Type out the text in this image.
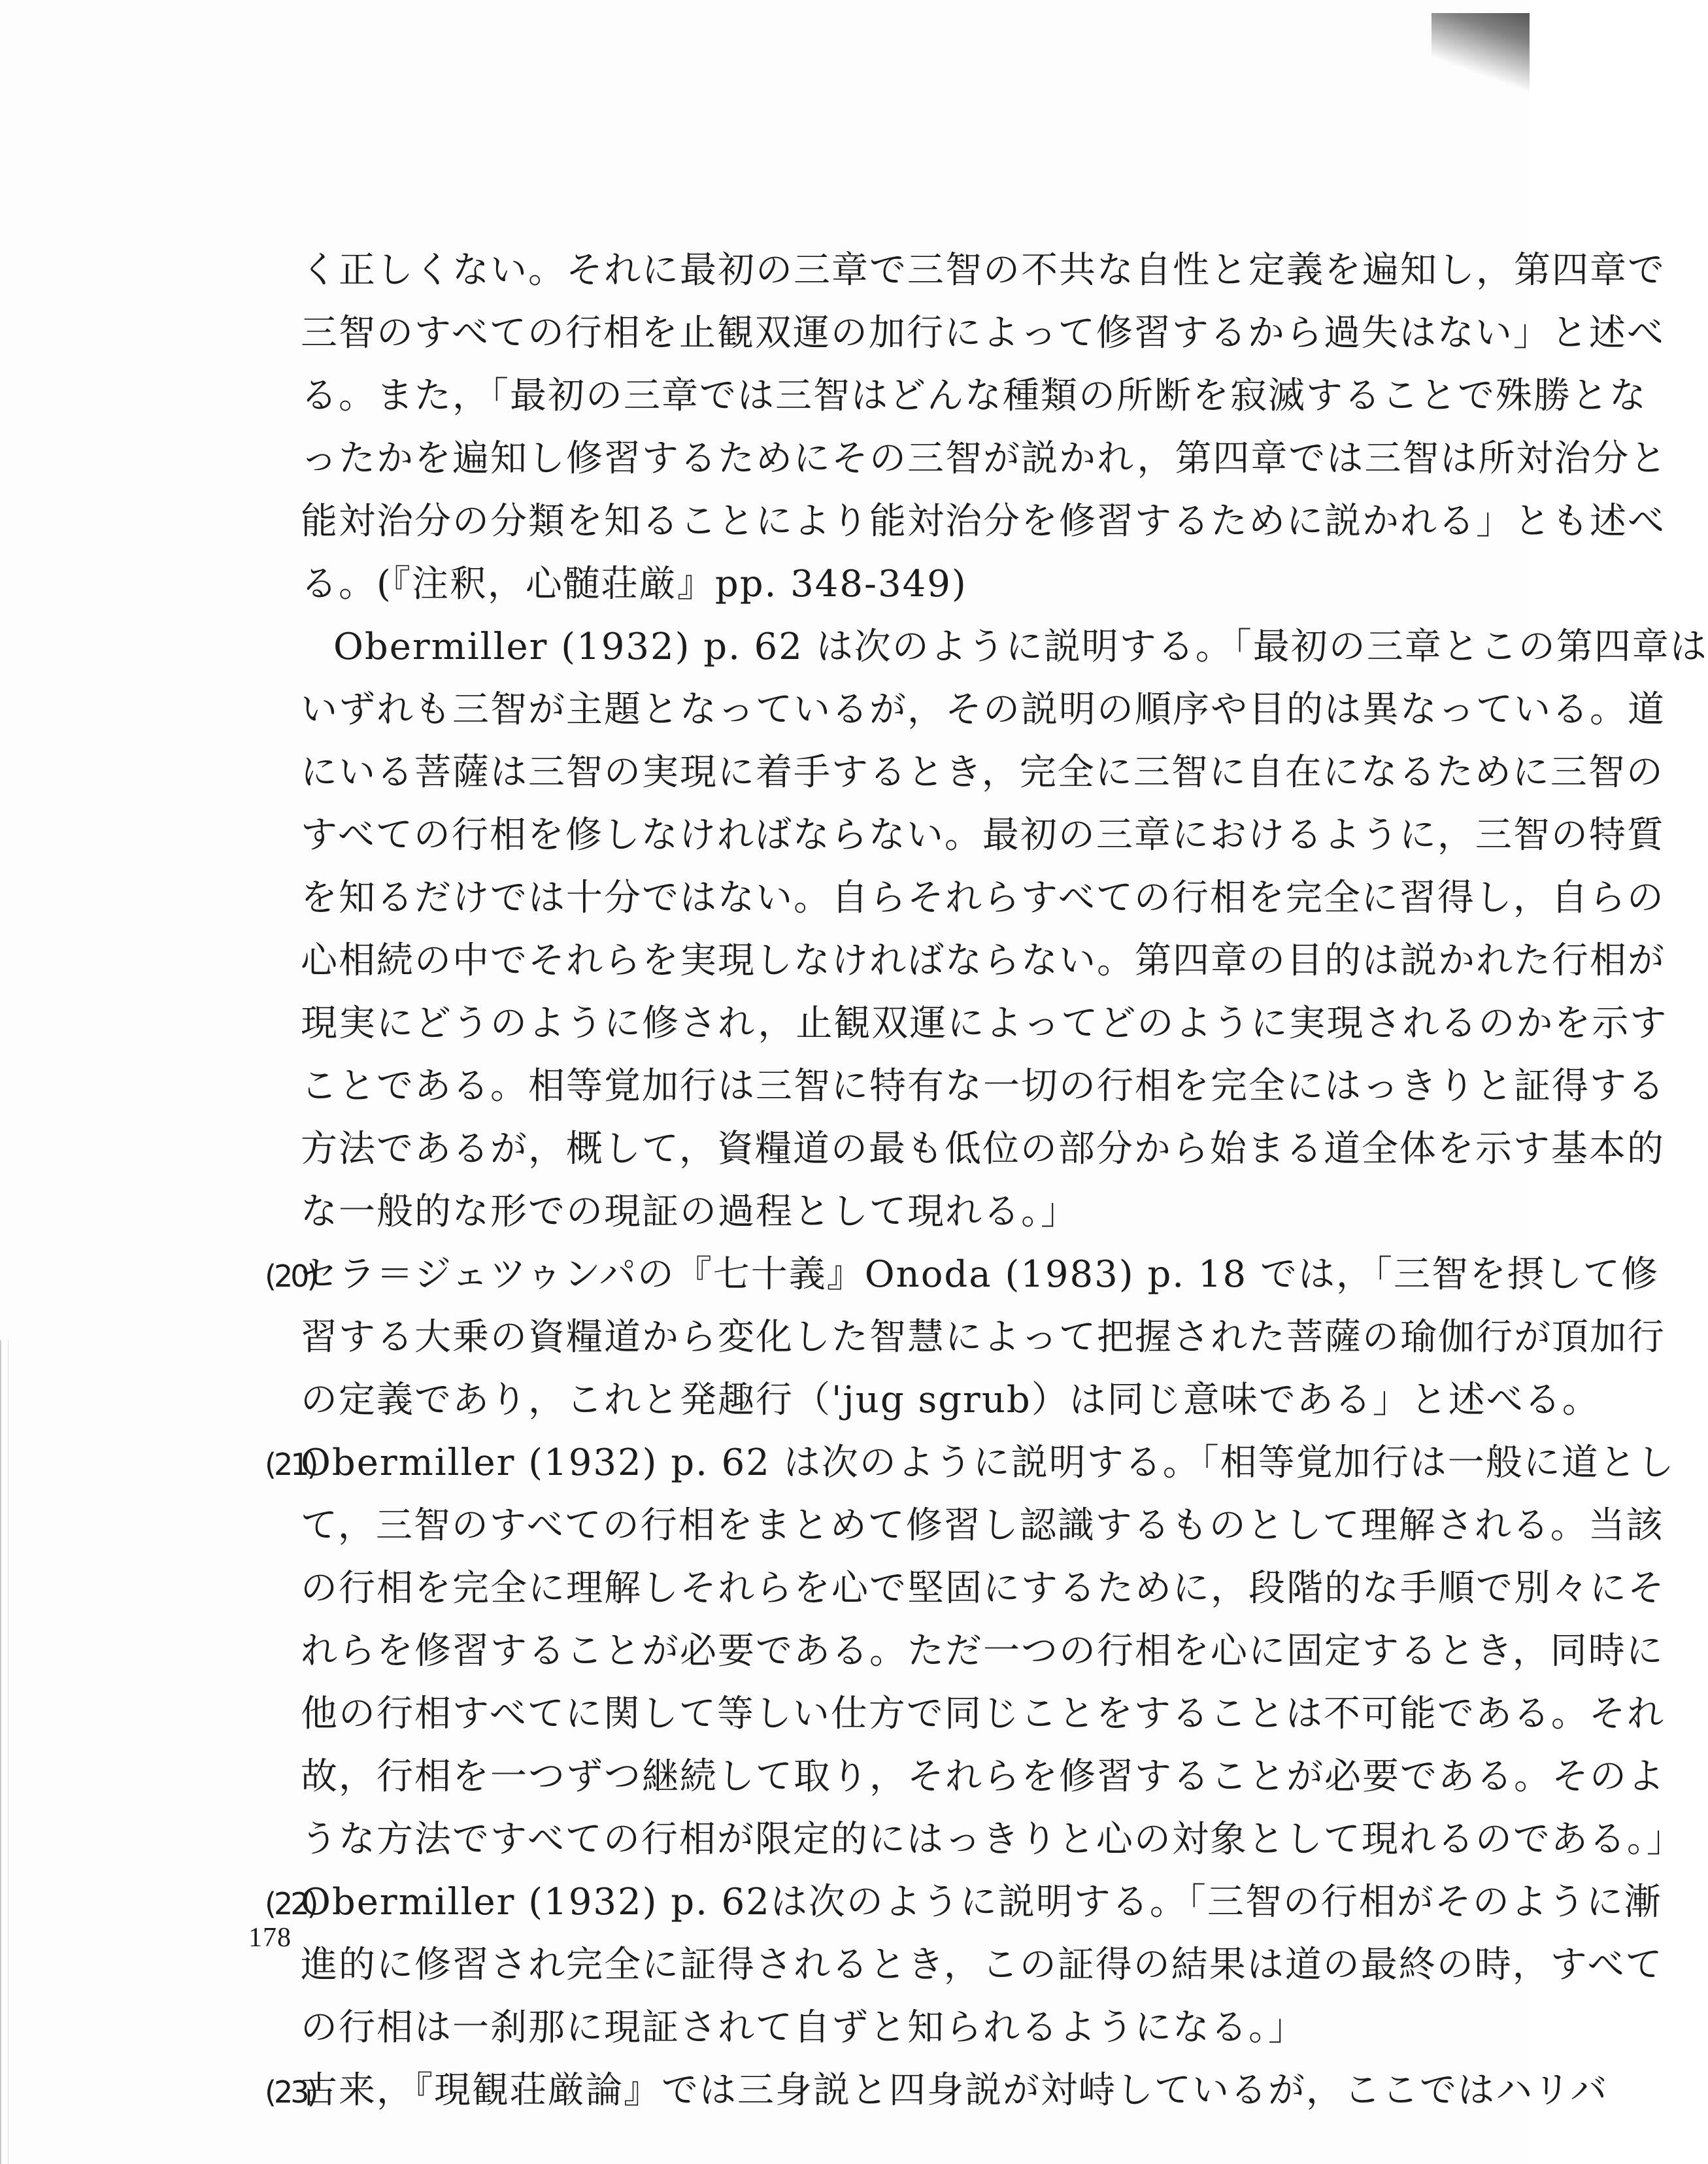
く正しくない。それに最初の三章で三智の不共な自性と定義を遍知し，第四章で

三智のすべての行相を止観双運の加行によって修習するから過失はない」と述べ

る。また，「最初の三章では三智はどんな種類の所断を寂滅することで殊勝とな

ったかを遍知し修習するためにその三智が説かれ，第四章では三智は所対治分と

能対治分の分類を知ることにより能対治分を修習するために説かれる」とも述べ

る。(『注釈，心髄荘厳』pp. 348-349)

Obermiller (1932) p. 62 は次のように説明する。「最初の三章とこの第四章は

いずれも三智が主題となっているが，その説明の順序や目的は異なっている。道

にいる菩薩は三智の実現に着手するとき，完全に三智に自在になるために三智の

すべての行相を修しなければならない。最初の三章におけるように，三智の特質

を知るだけでは十分ではない。自らそれらすべての行相を完全に習得し，自らの

心相続の中でそれらを実現しなければならない。第四章の目的は説かれた行相が

現実にどうのように修され，止観双運によってどのように実現されるのかを示す

ことである。相等覚加行は三智に特有な一切の行相を完全にはっきりと証得する

方法であるが，概して，資糧道の最も低位の部分から始まる道全体を示す基本的

な一般的な形での現証の過程として現れる。」

(20)

セラ＝ジェツゥンパの『七十義』Onoda (1983) p. 18 では，「三智を摂して修

習する大乗の資糧道から変化した智慧によって把握された菩薩の瑜伽行が頂加行

の定義であり，これと発趣行（'jug sgrub）は同じ意味である」と述べる。

(21)

Obermiller (1932) p. 62 は次のように説明する。「相等覚加行は一般に道とし

て，三智のすべての行相をまとめて修習し認識するものとして理解される。当該

の行相を完全に理解しそれらを心で堅固にするために，段階的な手順で別々にそ

れらを修習することが必要である。ただ一つの行相を心に固定するとき，同時に

他の行相すべてに関して等しい仕方で同じことをすることは不可能である。それ

故，行相を一つずつ継続して取り，それらを修習することが必要である。そのよ

うな方法ですべての行相が限定的にはっきりと心の対象として現れるのである。」

(22)

Obermiller (1932) p. 62は次のように説明する。「三智の行相がそのように漸

進的に修習され完全に証得されるとき，この証得の結果は道の最終の時，すべて

の行相は一刹那に現証されて自ずと知られるようになる。」

(23)

古来，『現観荘厳論』では三身説と四身説が対峙しているが，ここではハリバ

178
